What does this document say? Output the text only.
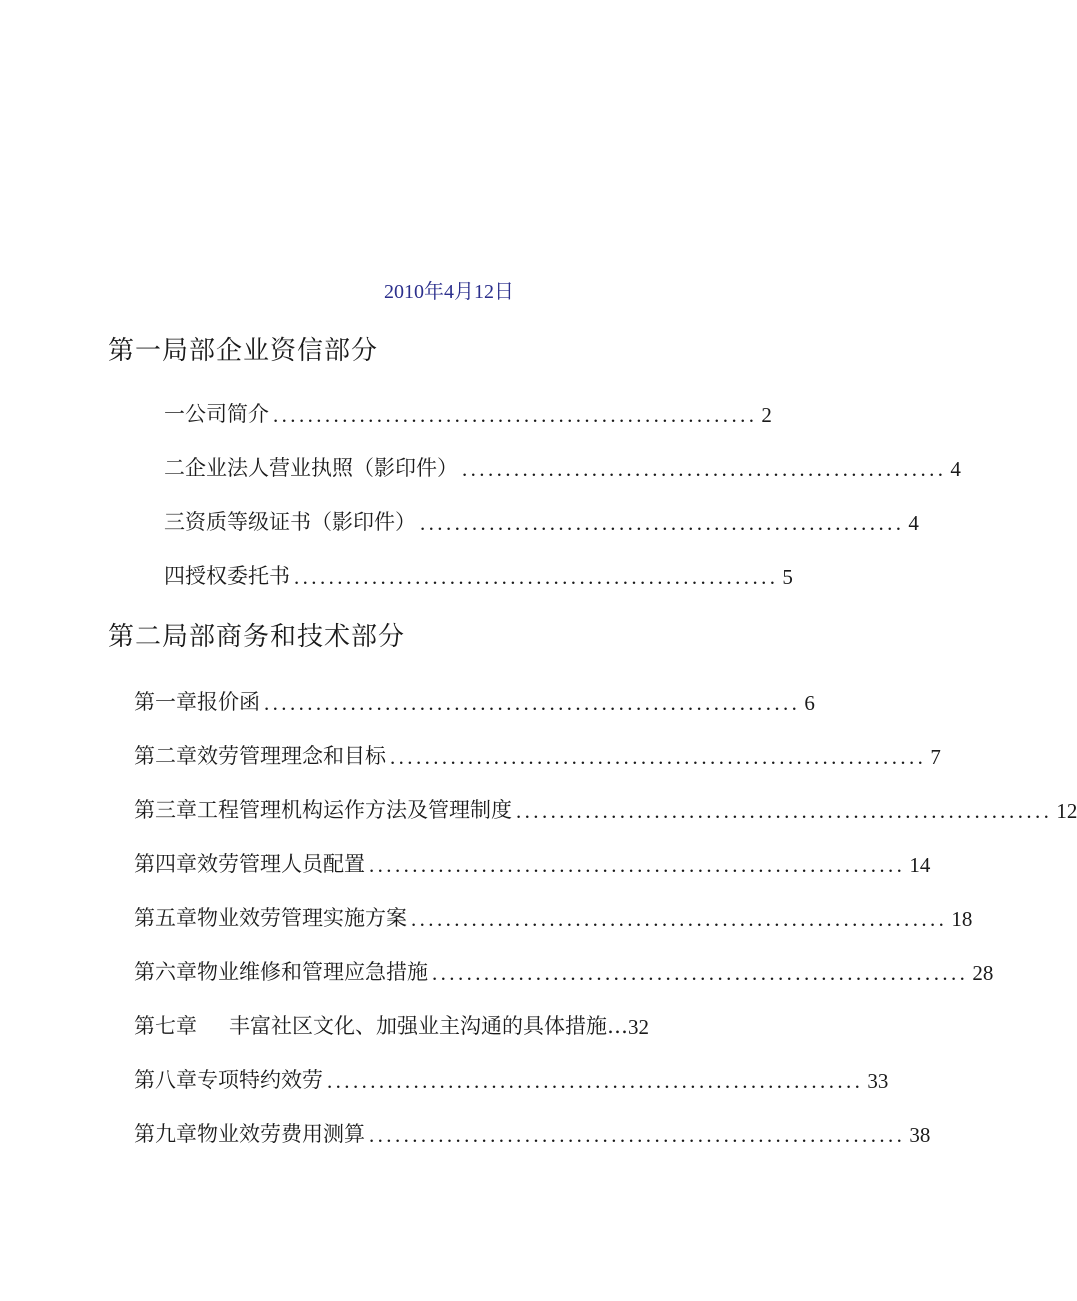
2010年4月12日
第一局部企业资信部分
一 公司简介 ........................................................ 2
二 企业法人营业执照（影印件） ........................................................ 4
三 资质等级证书（影印件） ........................................................ 4
四授权委托书 ........................................................ 5
第二局部商务和技术部分
第一章报价函 .............................................................. 6
第二章效劳管理理念和目标 .............................................................. 7
第三章工程管理机构运作方法及管理制度 .............................................................. 12
第四章 效劳管理人员配置 .............................................................. 14
第五章物业效劳管理实施方案 .............................................................. 18
第六章物业维修和管理应急措施 .............................................................. 28
第七章 丰富社区文化、加强业主沟通的具体措施… 32
第八章专项特约效劳 .............................................................. 33
第九章物业效劳费用测算 .............................................................. 38
